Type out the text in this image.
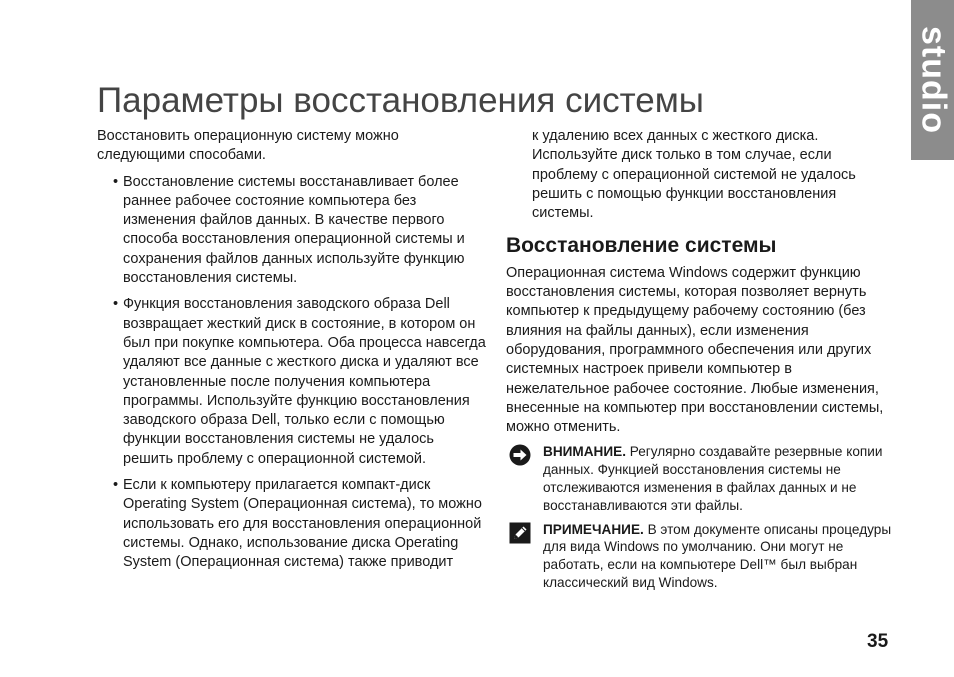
studio
Параметры восстановления системы

Восстановить операционную систему можно следующими способами.

• Восстановление системы восстанавливает более раннее рабочее состояние компьютера без изменения файлов данных. В качестве первого способа восстановления операционной системы и сохранения файлов данных используйте функцию восстановления системы.
• Функция восстановления заводского образа Dell возвращает жесткий диск в состояние, в котором он был при покупке компьютера. Оба процесса навсегда удаляют все данные с жесткого диска и удаляют все установленные после получения компьютера программы. Используйте функцию восстановления заводского образа Dell, только если с помощью функции восстановления системы не удалось решить проблему с операционной системой.
• Если к компьютеру прилагается компакт-диск Operating System (Операционная система), то можно использовать его для восстановления операционной системы. Однако, использование диска Operating System (Операционная система) также приводит

к удалению всех данных с жесткого диска. Используйте диск только в том случае, если проблему с операционной системой не удалось решить с помощью функции восстановления системы.

Восстановление системы

Операционная система Windows содержит функцию восстановления системы, которая позволяет вернуть компьютер к предыдущему рабочему состоянию (без влияния на файлы данных), если изменения оборудования, программного обеспечения или других системных настроек привели компьютер в нежелательное рабочее состояние. Любые изменения, внесенные на компьютер при восстановлении системы, можно отменить.

ВНИМАНИЕ. Регулярно создавайте резервные копии данных. Функцией восстановления системы не отслеживаются изменения в файлах данных и не восстанавливаются эти файлы.
ПРИМЕЧАНИЕ. В этом документе описаны процедуры для вида Windows по умолчанию. Они могут не работать, если на компьютере Dell™ был выбран классический вид Windows.
35
